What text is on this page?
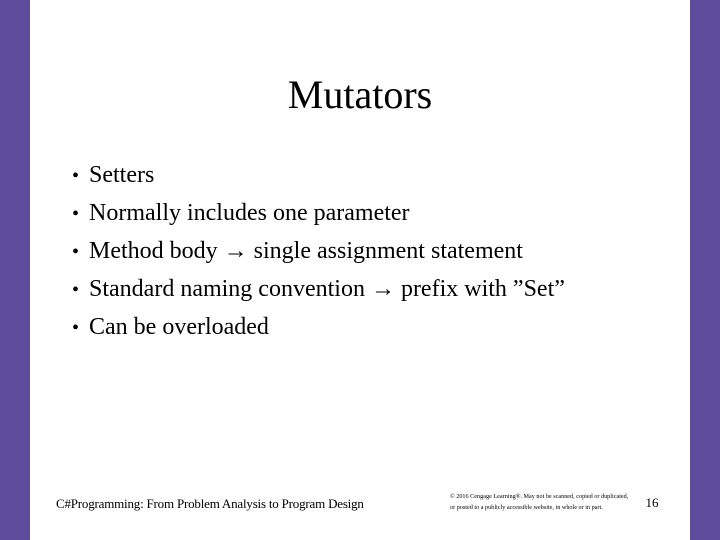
Mutators
• Setters
• Normally includes one parameter
• Method body → single assignment statement
• Standard naming convention → prefix with ”Set”
• Can be overloaded
C#Programming: From Problem Analysis to Program Design	© 2016 Cengage Learning®. May not be scanned, copied or duplicated, or posted to a publicly accessible website, in whole or in part.	16
